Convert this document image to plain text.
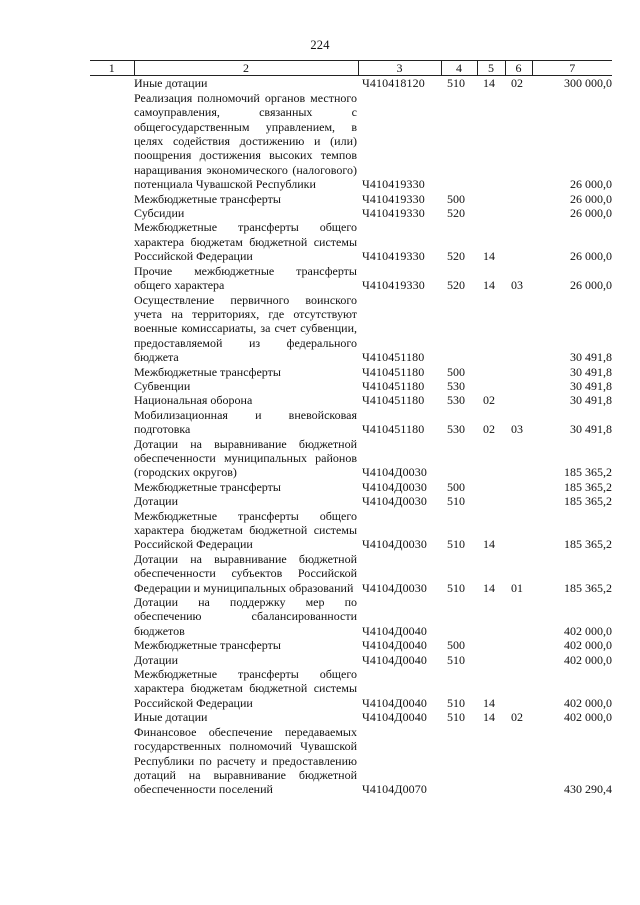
224
1	2	3	4	5	6	7
	Иные дотации	Ч410418120	510	14	02	300 000,0
	Реализация полномочий органов местного самоуправления, связанных с общегосударственным управлением, в целях содействия достижению и (или) поощрения достижения высоких темпов наращивания экономического (налогового) потенциала Чувашской Республики	Ч410419330				26 000,0
	Межбюджетные трансферты	Ч410419330	500			26 000,0
	Субсидии	Ч410419330	520			26 000,0
	Межбюджетные трансферты общего характера бюджетам бюджетной системы Российской Федерации	Ч410419330	520	14		26 000,0
	Прочие межбюджетные трансферты общего характера	Ч410419330	520	14	03	26 000,0
	Осуществление первичного воинского учета на территориях, где отсутствуют военные комиссариаты, за счет субвенции, предоставляемой из федерального бюджета	Ч410451180				30 491,8
	Межбюджетные трансферты	Ч410451180	500			30 491,8
	Субвенции	Ч410451180	530			30 491,8
	Национальная оборона	Ч410451180	530	02		30 491,8
	Мобилизационная и вневойсковая подготовка	Ч410451180	530	02	03	30 491,8
	Дотации на выравнивание бюджетной обеспеченности муниципальных районов (городских округов)	Ч4104Д0030				185 365,2
	Межбюджетные трансферты	Ч4104Д0030	500			185 365,2
	Дотации	Ч4104Д0030	510			185 365,2
	Межбюджетные трансферты общего характера бюджетам бюджетной системы Российской Федерации	Ч4104Д0030	510	14		185 365,2
	Дотации на выравнивание бюджетной обеспеченности субъектов Российской Федерации и муниципальных образований	Ч4104Д0030	510	14	01	185 365,2
	Дотации на поддержку мер по обеспечению сбалансированности бюджетов	Ч4104Д0040				402 000,0
	Межбюджетные трансферты	Ч4104Д0040	500			402 000,0
	Дотации	Ч4104Д0040	510			402 000,0
	Межбюджетные трансферты общего характера бюджетам бюджетной системы Российской Федерации	Ч4104Д0040	510	14		402 000,0
	Иные дотации	Ч4104Д0040	510	14	02	402 000,0
	Финансовое обеспечение передаваемых государственных полномочий Чувашской Республики по расчету и предоставлению дотаций на выравнивание бюджетной обеспеченности поселений	Ч4104Д0070				430 290,4
